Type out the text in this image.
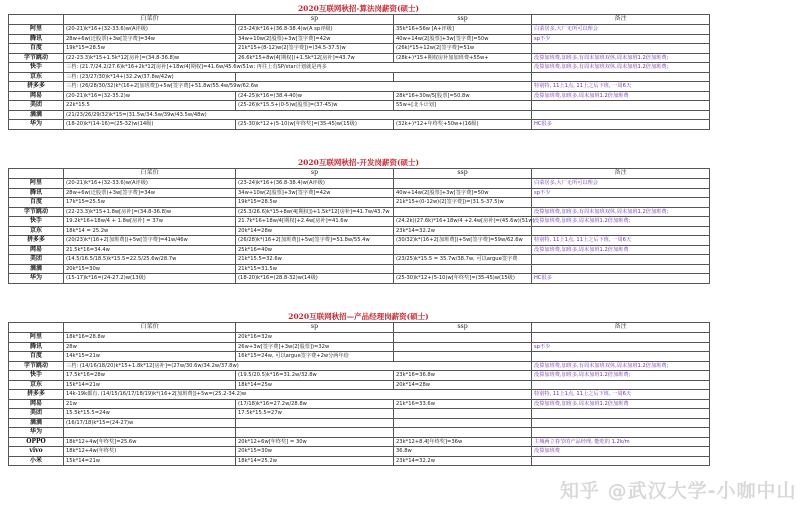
2020互联网秋招-算法岗薪资(硕士)
	白菜价	sp	ssp	备注
阿里	(20-21)k*16+(32-33.6)w(A评级)	(23-24)k*16+(36.8-38.4)w(A sp评级)	35k*16+56w [A+评级]	白菜居多,大厂无所可以理会
腾讯	28w+6w(迁股票)+3w[签字费]=34w	34w+10w(2[股票)+3w[签字费]=42w	40w+14w(2[股票]+3w[签字费]=50w	sp不少
百度	19k*15=28.5w	21k*15+(8-12)w(2[签字费])=(34.5-37.5)w	(26k)*15+12w(2[签字费]=51w	
字节跳动	(22-23.3)k*15+1.5k*12[房补]=(34.8-36.8)w	26.6k*15+8w(4[期权])+1.5k*12[房补]=43.7w	(28k+)*15+期权房补加加班费+55w+	没算加班费,加班多,有周末加班双休,周末加班1.2倍加班费;
快手	三档: (21.7/24.2/27.6)k*16+2k*12[房补]+18w/4[期权]=41.6w/45.6w/51w; 再往上有SP/star计划就是再多			没算加班费,加班多,有周末加班双休,周末加班1.2倍加班费;
京东	三档: (23/27/30)k*14+(32.2w/37.8w/42w)			
拼多多	三档: (26/28/30/32)k*(16+2[加班费])+5w[签字费]+51.8w/55.4w/59w/62.6w			特别特, 11上1点, 11上之后下班, 一周6天
网易	(20-21)k*16=(32-35.2)w	(24-25)k*16=(38.4-40)w	28k*16+30w/5[股票]=50.8w	没算加班费,加班多,周末加班1.2倍加班费
美团	22k*15.5	(25-26)k*15.5+(0-5)w[股票]=(37-45)w	55w+[北斗计划]	
滴滴	(21/23/26/29/32)k*15=(31.5w/34.5w/39w/43.5w/48w)			
华为	(18-20)k*(14-16)=(25-32)w(14级)	(25-30)k*12+(5-10)w[年终奖]=(35-45)w(15级)	(32k+)*12+年终奖+50w+(16级)	HC很多
2020互联网秋招-开发岗薪资(硕士)
	白菜价	sp	ssp	备注
阿里	(20-21)k*16+(32-33.6)w(A评级)	(23-24)k*16+(36.8-38.4)w(A评级)		白菜居多,大厂无所可以理会
腾讯	28w+6w(迁股票)+3w[签字费]=34w	34w+10w(2[股票]+3w[签字费]=42w	40w+14w(2[股票]+3w[签字费]=50w	sp不少
百度	17k*15=25.5w	19k*15=28.5w	21k*15+(0-12w)(2[签字费])=(31.5-37.5)w	
字节跳动	(22-23.3)k*15+1.8w[房补]=(34.8-36.8)w	(25.3/26.6)k*15+8w(4[期权])+1.5k*12[房补]=41.7w/43.7w		没算加班费,加班多,有周末加班双休,周末加班1.2倍加班费;
快手	19.2k*16+18w/4 + 1.8w[房补] = 37w	21.7k*16+18w/4[期权]+2.4w[房补]=41.6w	(24.2k)(27.6k)*16+18w/4 +2.4w[房补]=(45.6w)(51w)	没算加班费,加班多,周末加班1.2倍加班费;
京东	18k*14 = 25.2w	20k*14=28w	23k*14=32.2w	
拼多多	(20/23)k*(16+2[加班费])+5w[签字费]=41w/46w	(26/28)k*(16+2[加班费])+5w[签字费]=51.8w/55.4w	(30/32)k*(16+2[加班费])+5w[签字费]=59w/62.6w	特别特, 11上1点, 11上之后下班, 一周6天
网易	21.5k*16=34.4w	25k*16=40w		没算加班费,加班多,周末加班1.2倍加班费
美团	(14.5/16.5/18.5)k*15.5=22.5/25.6w/28.7w	21k*15.5=32.6w	(23/25)k*15.5 = 35.7w/38.7w, 可以argue签字费	
滴滴	20k*15=30w	21k*15=31.5w		
华为	(15-17)k*16=(24-27.2)w(13级)	(18-20)k*16=(28.8-32)w(14级)	(25-30)k*12+(5-10)w[年终奖]=(35-45)w(15级)	HC很多
2020互联网秋招—产品经理岗薪资(硕士)
	白菜价	sp	ssp	备注
阿里	18k*16=28.8w	20k*16=32w		
腾讯	28w	26w+3w[签字费]+3w(2[股票])=32w		sp不少
百度	14k*15=21w	16k*15=24w, 可以argue签字费+2w分两年给		
字节跳动	三档: (14/16/18/20)k*15+1.8k*12[房补]=(27w/30.6w/34.2w/37.8w)			没算加班费,加班多,有周末加班双休,周末加班1.2倍加班费;
快手	17.5k*16=28w	(19.5/20.5)k*16=31.2w/32.8w	23k*16=36.8w	没算加班费,加班多,周末加班1.2倍加班费;
京东	15k*14=21w	18k*14=25w	20k*14=28w	
拼多多	14k-19k都有, (14/15/16/17/18/19)k*(16+2[加班费])+5w=(25.2-34.2)w			特别特, 11上1点, 11上之后下班, 一周6天
网易	21w	(17/18)k*16=27.2w/28.8w	21k*16=33.6w	没算加班费,加班多,周末加班1.2倍加班费
美团	15.5k*15.5=24w	17.5k*15.5=27w		
滴滴	(16/17/18)k*15=(24-27)w			
华为				
OPPO	18k*12+4w[年终奖]=25.6w	20k*12+6w[年终奖] = 30w	23k*12+8.4[年终奖]=36w	主城两立春节的产品经理, 能吃的 1.2k/m
vivo	18k*12+4w(年终奖)	20k*15=30w	36.8w	没算加班费
小米	15k*14=21w	18k*14=25.2w	23k*14=32.2w	
知乎 @武汉大学-小咖中山
